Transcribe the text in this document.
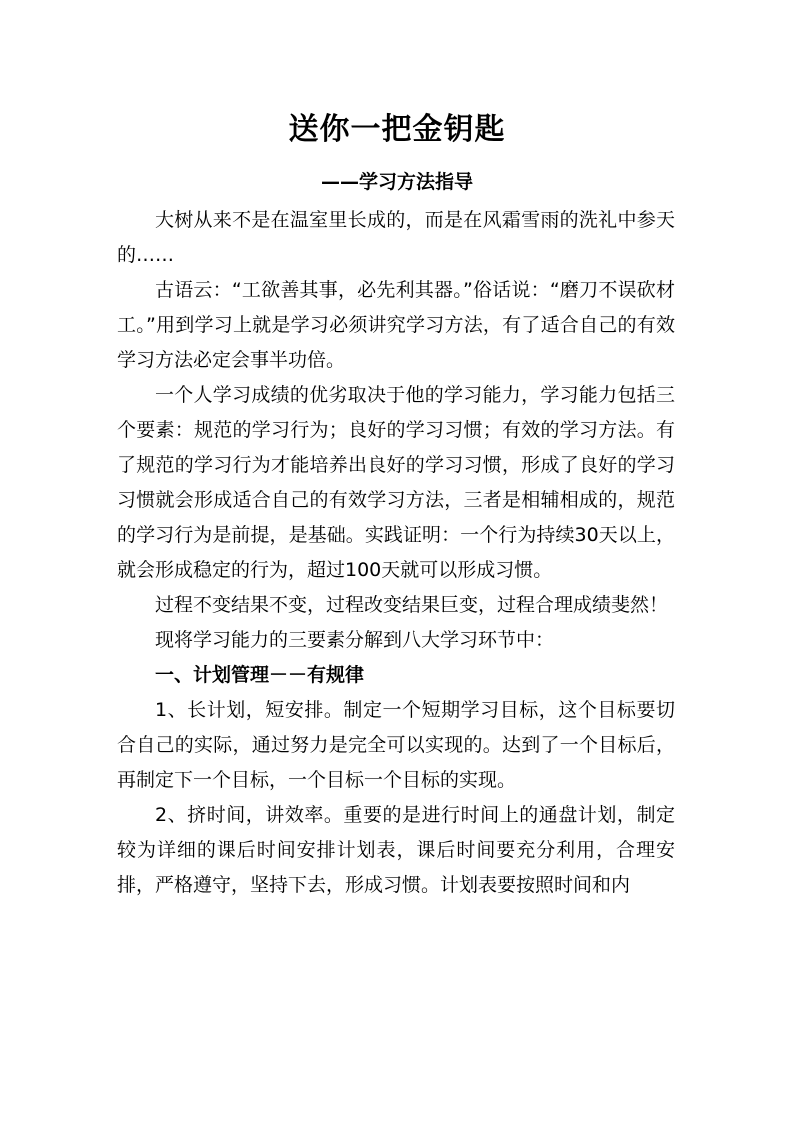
送你一把金钥匙
——学习方法指导

大树从来不是在温室里长成的，而是在风霜雪雨的洗礼中参天的……

古语云：“工欲善其事，必先利其器。”俗话说：“磨刀不误砍材工。”用到学习上就是学习必须讲究学习方法，有了适合自己的有效学习方法必定会事半功倍。

一个人学习成绩的优劣取决于他的学习能力，学习能力包括三个要素：规范的学习行为；良好的学习习惯；有效的学习方法。有了规范的学习行为才能培养出良好的学习习惯，形成了良好的学习习惯就会形成适合自己的有效学习方法，三者是相辅相成的，规范的学习行为是前提，是基础。实践证明：一个行为持续30天以上，就会形成稳定的行为，超过100天就可以形成习惯。

过程不变结果不变，过程改变结果巨变，过程合理成绩斐然！

现将学习能力的三要素分解到八大学习环节中：

一、计划管理－－有规律

1、长计划，短安排。制定一个短期学习目标，这个目标要切合自己的实际，通过努力是完全可以实现的。达到了一个目标后，再制定下一个目标，一个目标一个目标的实现。

2、挤时间，讲效率。重要的是进行时间上的通盘计划，制定较为详细的课后时间安排计划表，课后时间要充分利用，合理安排，严格遵守，坚持下去，形成习惯。计划表要按照时间和内
